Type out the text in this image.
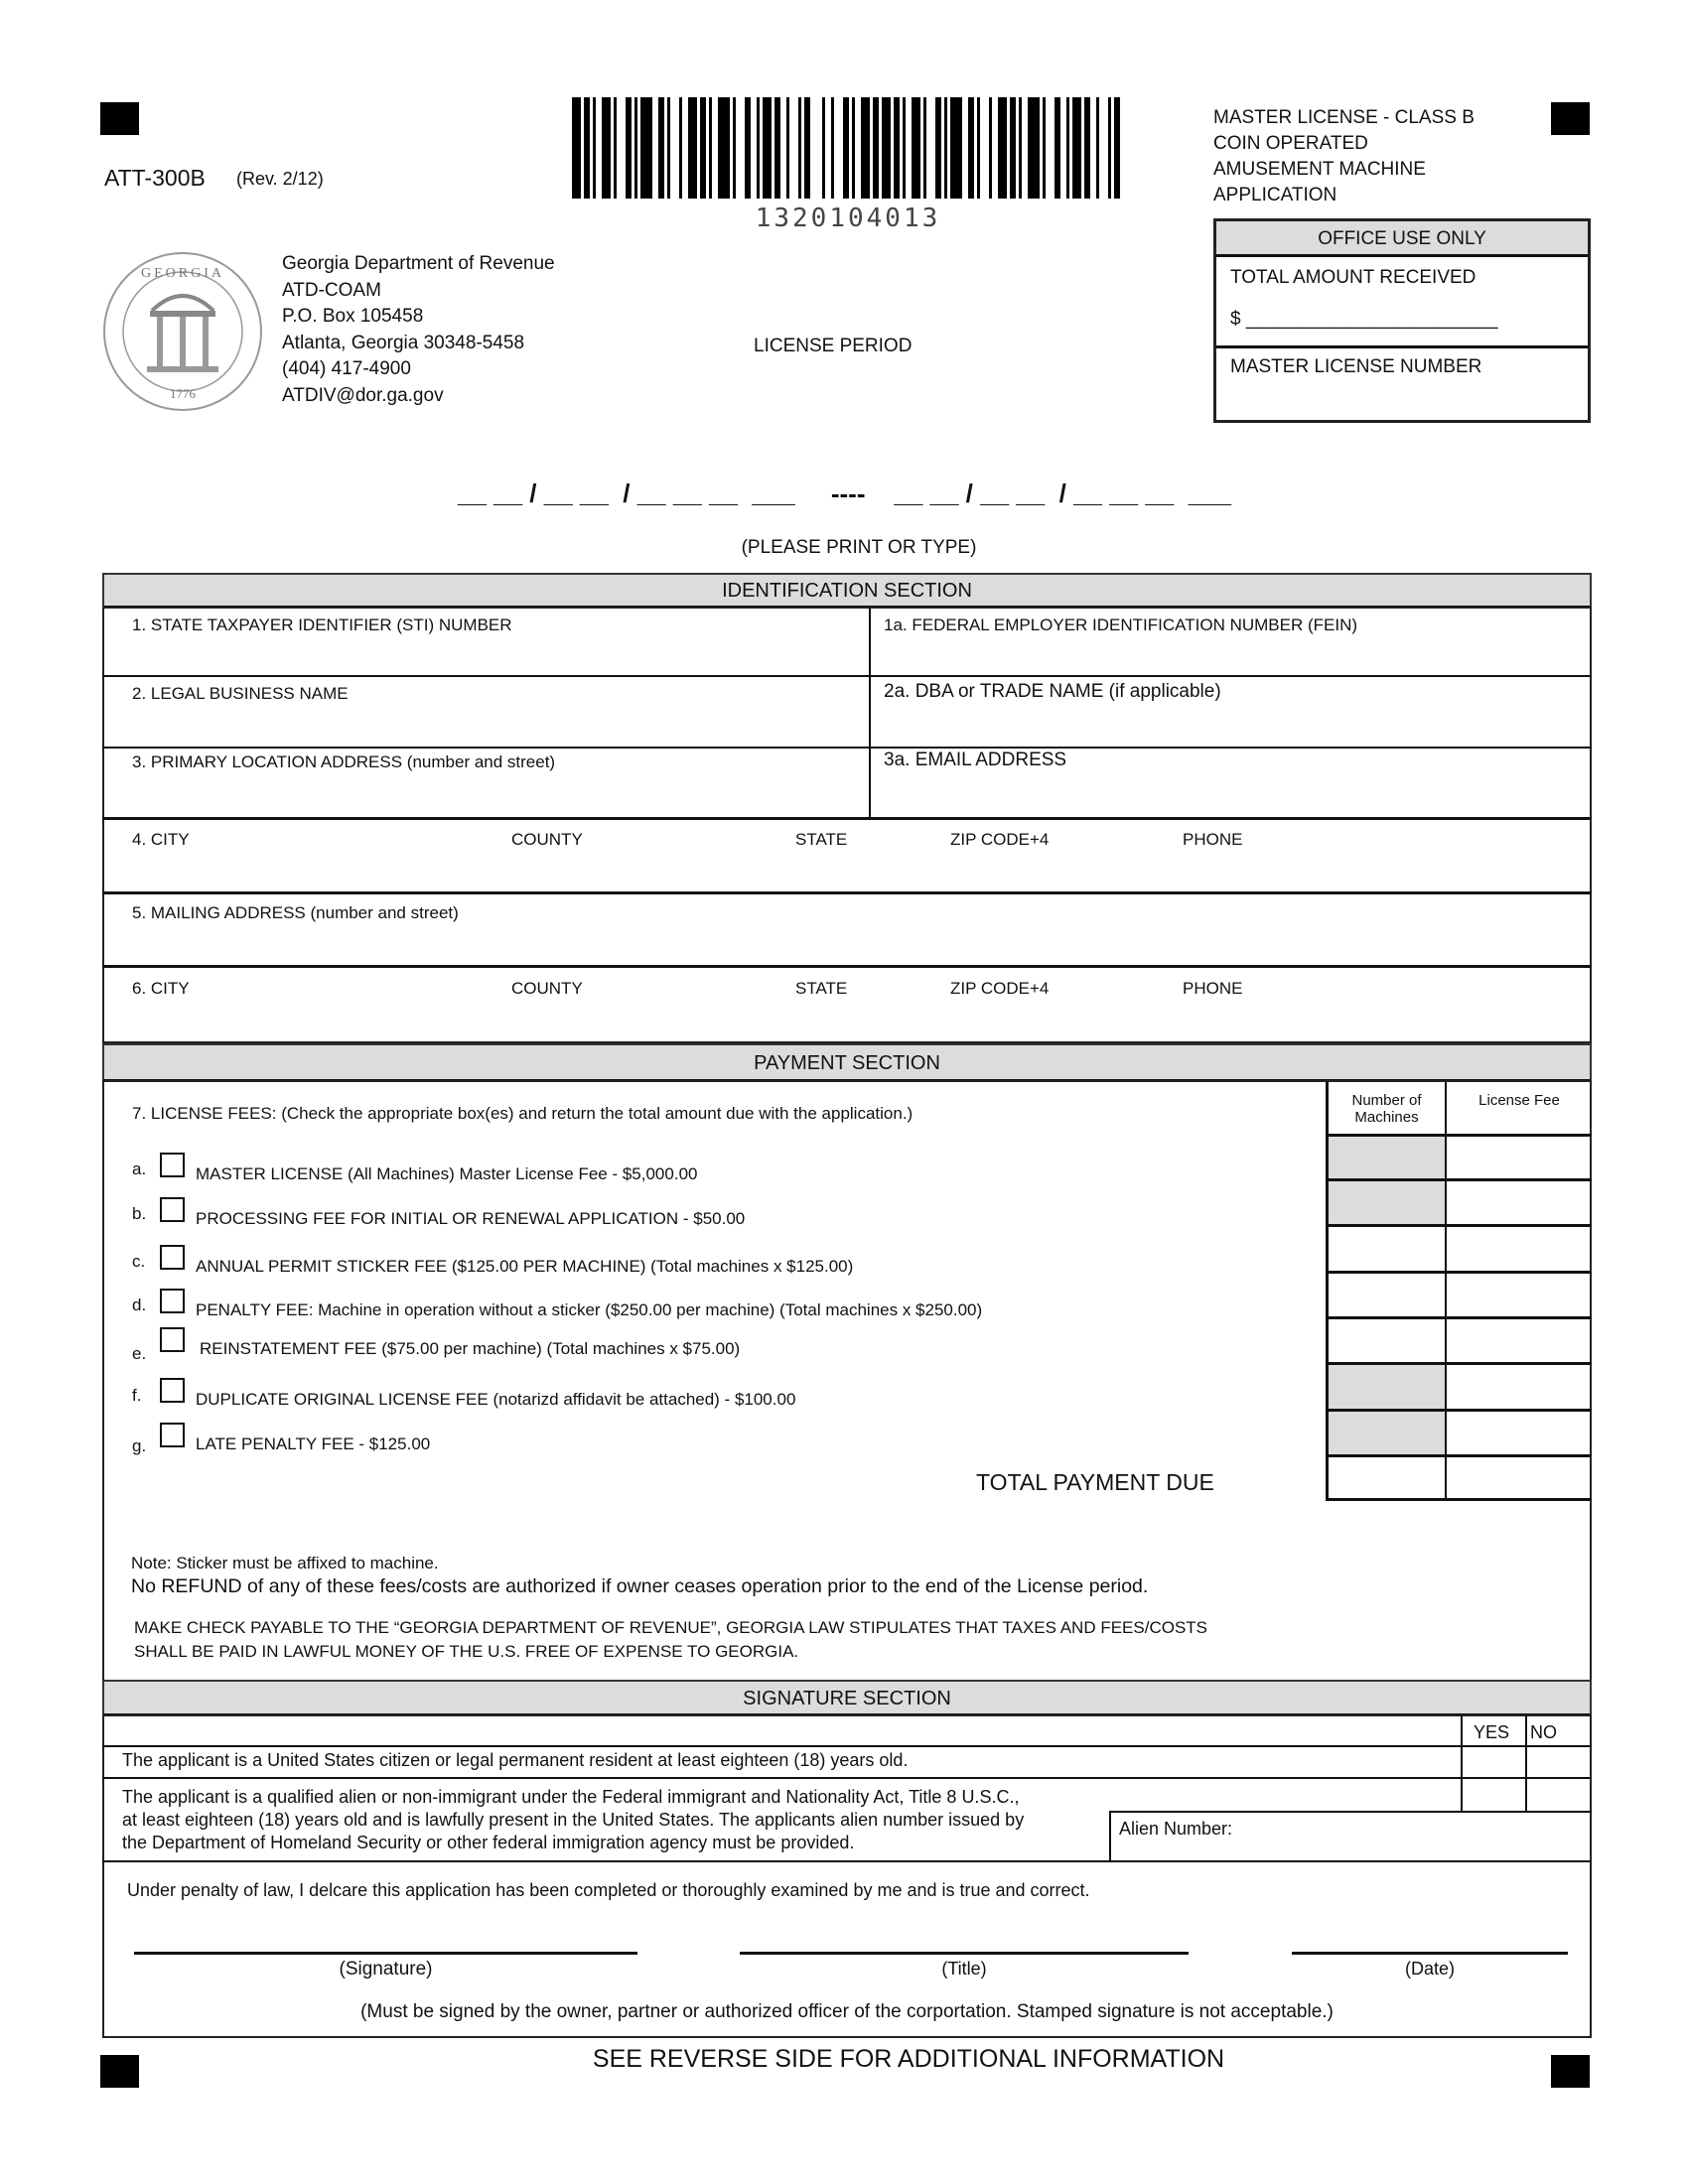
ATT-300B (Rev. 2/12)
1320104013
MASTER LICENSE - CLASS B
COIN OPERATED
AMUSEMENT MACHINE
APPLICATION
OFFICE USE ONLY
TOTAL AMOUNT RECEIVED
$ ________________________
MASTER LICENSE NUMBER
GEORGIA
1776
Georgia Department of Revenue
ATD-COAM
P.O. Box 105458
Atlanta, Georgia 30348-5458
(404) 417-4900
ATDIV@dor.ga.gov
LICENSE PERIOD
__ __ / __ __  / __ __ __  ___     ----    __ __ / __ __  / __ __ __  ___
(PLEASE PRINT OR TYPE)
IDENTIFICATION SECTION
1. STATE TAXPAYER IDENTIFIER (STI) NUMBER	1a. FEDERAL EMPLOYER IDENTIFICATION NUMBER (FEIN)
2. LEGAL BUSINESS NAME	2a. DBA or TRADE NAME (if applicable)
3. PRIMARY LOCATION ADDRESS (number and street)	3a. EMAIL ADDRESS
4. CITY	COUNTY	STATE	ZIP CODE+4	PHONE
5. MAILING ADDRESS (number and street)
6. CITY	COUNTY	STATE	ZIP CODE+4	PHONE
PAYMENT SECTION
7. LICENSE FEES: (Check the appropriate box(es) and return the total amount due with the application.)
Number of Machines
License Fee
a.	MASTER LICENSE (All Machines) Master License Fee - $5,000.00
b.	PROCESSING FEE FOR INITIAL OR RENEWAL APPLICATION - $50.00
c.	ANNUAL PERMIT STICKER FEE ($125.00 PER MACHINE) (Total machines x $125.00)
d.	PENALTY FEE: Machine in operation without a sticker ($250.00 per machine) (Total machines x $250.00)
e.	REINSTATEMENT FEE ($75.00 per machine) (Total machines x $75.00)
f.	DUPLICATE ORIGINAL LICENSE FEE (notarizd affidavit be attached) - $100.00
g.	LATE PENALTY FEE - $125.00
TOTAL PAYMENT DUE
Note: Sticker must be affixed to machine.
No REFUND of any of these fees/costs are authorized if owner ceases operation prior to the end of the License period.
MAKE CHECK PAYABLE TO THE “GEORGIA DEPARTMENT OF REVENUE”, GEORGIA LAW STIPULATES THAT TAXES AND FEES/COSTS
SHALL BE PAID IN LAWFUL MONEY OF THE U.S. FREE OF EXPENSE TO GEORGIA.
SIGNATURE SECTION
Alien Number:
YES NO
The applicant is a United States citizen or legal permanent resident at least eighteen (18) years old.
The applicant is a qualified alien or non-immigrant under the Federal immigrant and Nationality Act, Title 8 U.S.C.,
at least eighteen (18) years old and is lawfully present in the United States. The applicants alien number issued by
the Department of Homeland Security or other federal immigration agency must be provided.
Under penalty of law, I delcare this application has been completed or thoroughly examined by me and is true and correct.
(Signature)	(Title)	(Date)
(Must be signed by the owner, partner or authorized officer of the corportation. Stamped signature is not acceptable.)
SEE REVERSE SIDE FOR ADDITIONAL INFORMATION
